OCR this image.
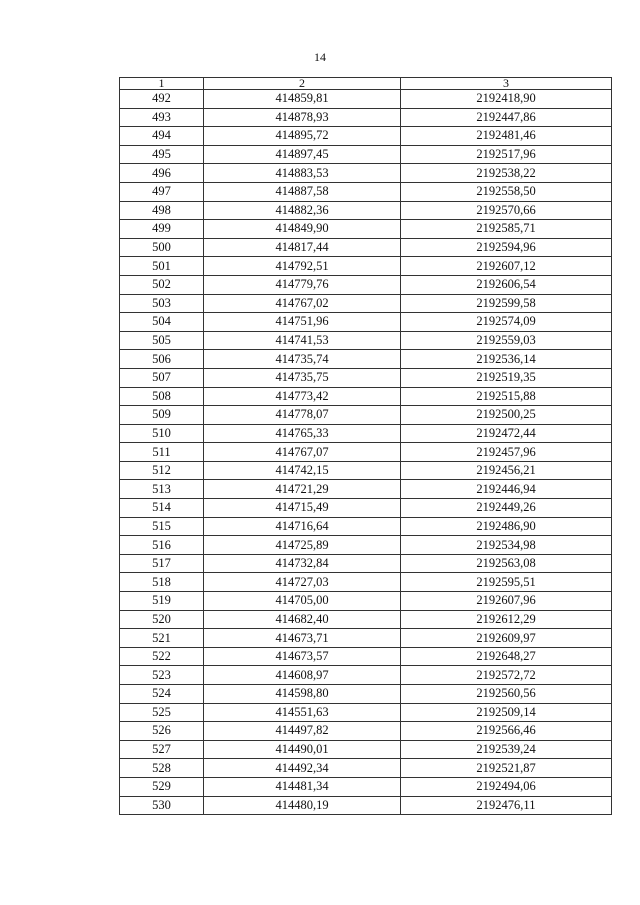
14
1	2	3
492	414859,81	2192418,90
493	414878,93	2192447,86
494	414895,72	2192481,46
495	414897,45	2192517,96
496	414883,53	2192538,22
497	414887,58	2192558,50
498	414882,36	2192570,66
499	414849,90	2192585,71
500	414817,44	2192594,96
501	414792,51	2192607,12
502	414779,76	2192606,54
503	414767,02	2192599,58
504	414751,96	2192574,09
505	414741,53	2192559,03
506	414735,74	2192536,14
507	414735,75	2192519,35
508	414773,42	2192515,88
509	414778,07	2192500,25
510	414765,33	2192472,44
511	414767,07	2192457,96
512	414742,15	2192456,21
513	414721,29	2192446,94
514	414715,49	2192449,26
515	414716,64	2192486,90
516	414725,89	2192534,98
517	414732,84	2192563,08
518	414727,03	2192595,51
519	414705,00	2192607,96
520	414682,40	2192612,29
521	414673,71	2192609,97
522	414673,57	2192648,27
523	414608,97	2192572,72
524	414598,80	2192560,56
525	414551,63	2192509,14
526	414497,82	2192566,46
527	414490,01	2192539,24
528	414492,34	2192521,87
529	414481,34	2192494,06
530	414480,19	2192476,11
